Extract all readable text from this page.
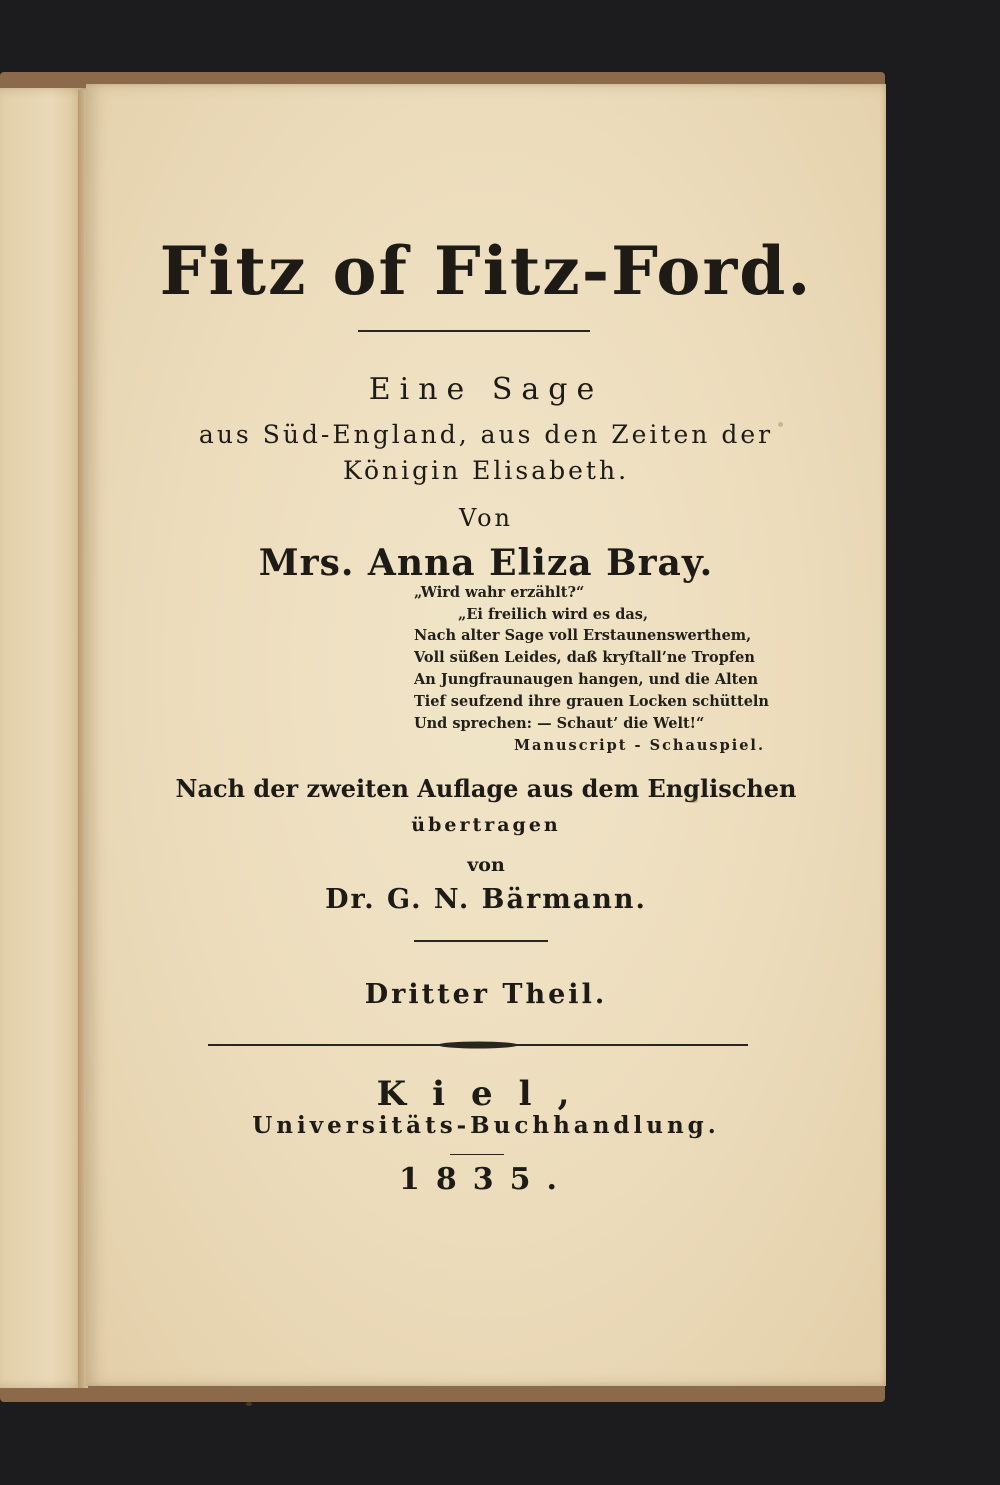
Fitz of Fitz-Ford.
Eine Sage
aus Süd-England, aus den Zeiten der
Königin Elisabeth.
Von
Mrs. Anna Eliza Bray.
„Wird wahr erzählt?“
„Ei freilich wird es das,
Nach alter Sage voll Erstaunenswerthem,
Voll süßen Leides, daß kryſtall’ne Tropfen
An Jungfraunaugen hangen, und die Alten
Tief seufzend ihre grauen Locken schütteln
Und sprechen: — Schaut’ die Welt!“
Manuscript - Schauspiel.
Nach der zweiten Auflage aus dem Englischen
übertragen
von
Dr. G. N. Bärmann.
Dritter Theil.
Kiel,
Universitäts-Buchhandlung.
1835.
